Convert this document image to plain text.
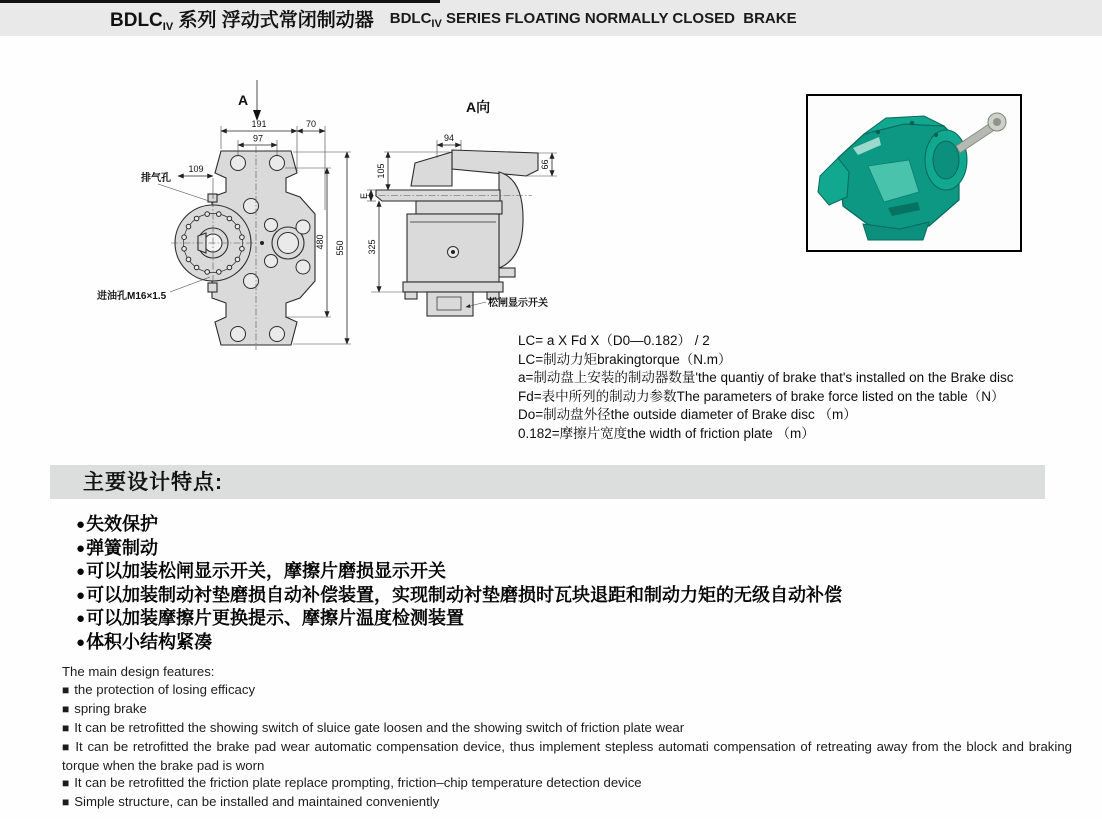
$BDLC_{IV}$ 系列 浮动式常闭制动器 $BDLC_{IV}$ SERIES FLOATING NORMALLY CLOSED  BRAKE
A
191	70
97
109
480 550
排气孔
进油孔M16×1.5
A向
94
66
105
E
325
松闸显示开关
LC= a X Fd X（D0—0.182） / 2
LC=制动力矩brakingtorque（N.m）
a=制动盘上安装的制动器数量'the quantiy of brake that's installed on the Brake disc
Fd=表中所列的制动力参数The parameters of brake force listed on the table（N）
Do=制动盘外径the outside diameter of Brake disc （m）
0.182=摩擦片宽度the width of friction plate （m）
主要设计特点:
●失效保护
●弹簧制动
●可以加装松闸显示开关，摩擦片磨损显示开关
●可以加装制动衬垫磨损自动补偿装置，实现制动衬垫磨损时瓦块退距和制动力矩的无级自动补偿
●可以加装摩擦片更换提示、摩擦片温度检测装置
●体积小结构紧凑
The main design features:
■ the protection of losing efficacy
■ spring brake
■ It can be retrofitted the showing switch of sluice gate loosen and the showing switch of friction plate wear
■ It can be retrofitted the brake pad wear automatic compensation device, thus implement stepless automati compensation of retreating away from the block and braking torque when the brake pad is worn
■ It can be retrofitted the friction plate replace prompting, friction–chip temperature detection device
■ Simple structure, can be installed and maintained conveniently
